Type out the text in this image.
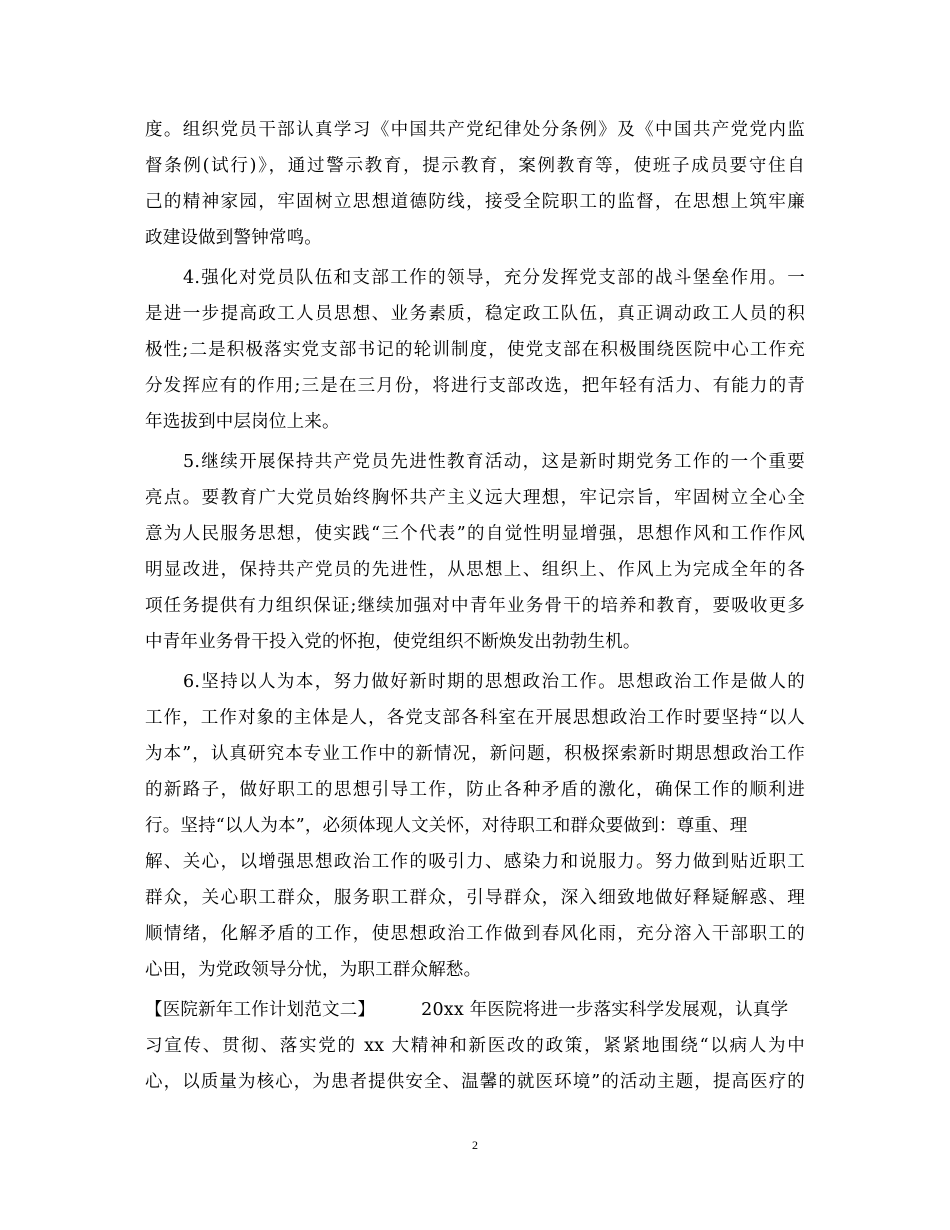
度。组织党员干部认真学习《中国共产党纪律处分条例》及《中国共产党党内监
督条例(试行)》，通过警示教育，提示教育，案例教育等，使班子成员要守住自
己的精神家园，牢固树立思想道德防线，接受全院职工的监督，在思想上筑牢廉
政建设做到警钟常鸣。
4.强化对党员队伍和支部工作的领导，充分发挥党支部的战斗堡垒作用。一
是进一步提高政工人员思想、业务素质，稳定政工队伍，真正调动政工人员的积
极性;二是积极落实党支部书记的轮训制度，使党支部在积极围绕医院中心工作充
分发挥应有的作用;三是在三月份，将进行支部改选，把年轻有活力、有能力的青
年选拔到中层岗位上来。
5.继续开展保持共产党员先进性教育活动，这是新时期党务工作的一个重要
亮点。要教育广大党员始终胸怀共产主义远大理想，牢记宗旨，牢固树立全心全
意为人民服务思想，使实践“三个代表”的自觉性明显增强，思想作风和工作作风
明显改进，保持共产党员的先进性，从思想上、组织上、作风上为完成全年的各
项任务提供有力组织保证;继续加强对中青年业务骨干的培养和教育，要吸收更多
中青年业务骨干投入党的怀抱，使党组织不断焕发出勃勃生机。
6.坚持以人为本，努力做好新时期的思想政治工作。思想政治工作是做人的
工作，工作对象的主体是人，各党支部各科室在开展思想政治工作时要坚持“以人
为本”，认真研究本专业工作中的新情况，新问题，积极探索新时期思想政治工作
的新路子，做好职工的思想引导工作，防止各种矛盾的激化，确保工作的顺利进
行。坚持“以人为本”，必须体现人文关怀，对待职工和群众要做到：尊重、理
解、关心，以增强思想政治工作的吸引力、感染力和说服力。努力做到贴近职工
群众，关心职工群众，服务职工群众，引导群众，深入细致地做好释疑解惑、理
顺情绪，化解矛盾的工作，使思想政治工作做到春风化雨，充分溶入干部职工的
心田，为党政领导分忧，为职工群众解愁。
【医院新年工作计划范文二】	20xx 年医院将进一步落实科学发展观，认真学
习宣传、贯彻、落实党的 xx 大精神和新医改的政策，紧紧地围绕“以病人为中
心，以质量为核心，为患者提供安全、温馨的就医环境”的活动主题，提高医疗的
2
